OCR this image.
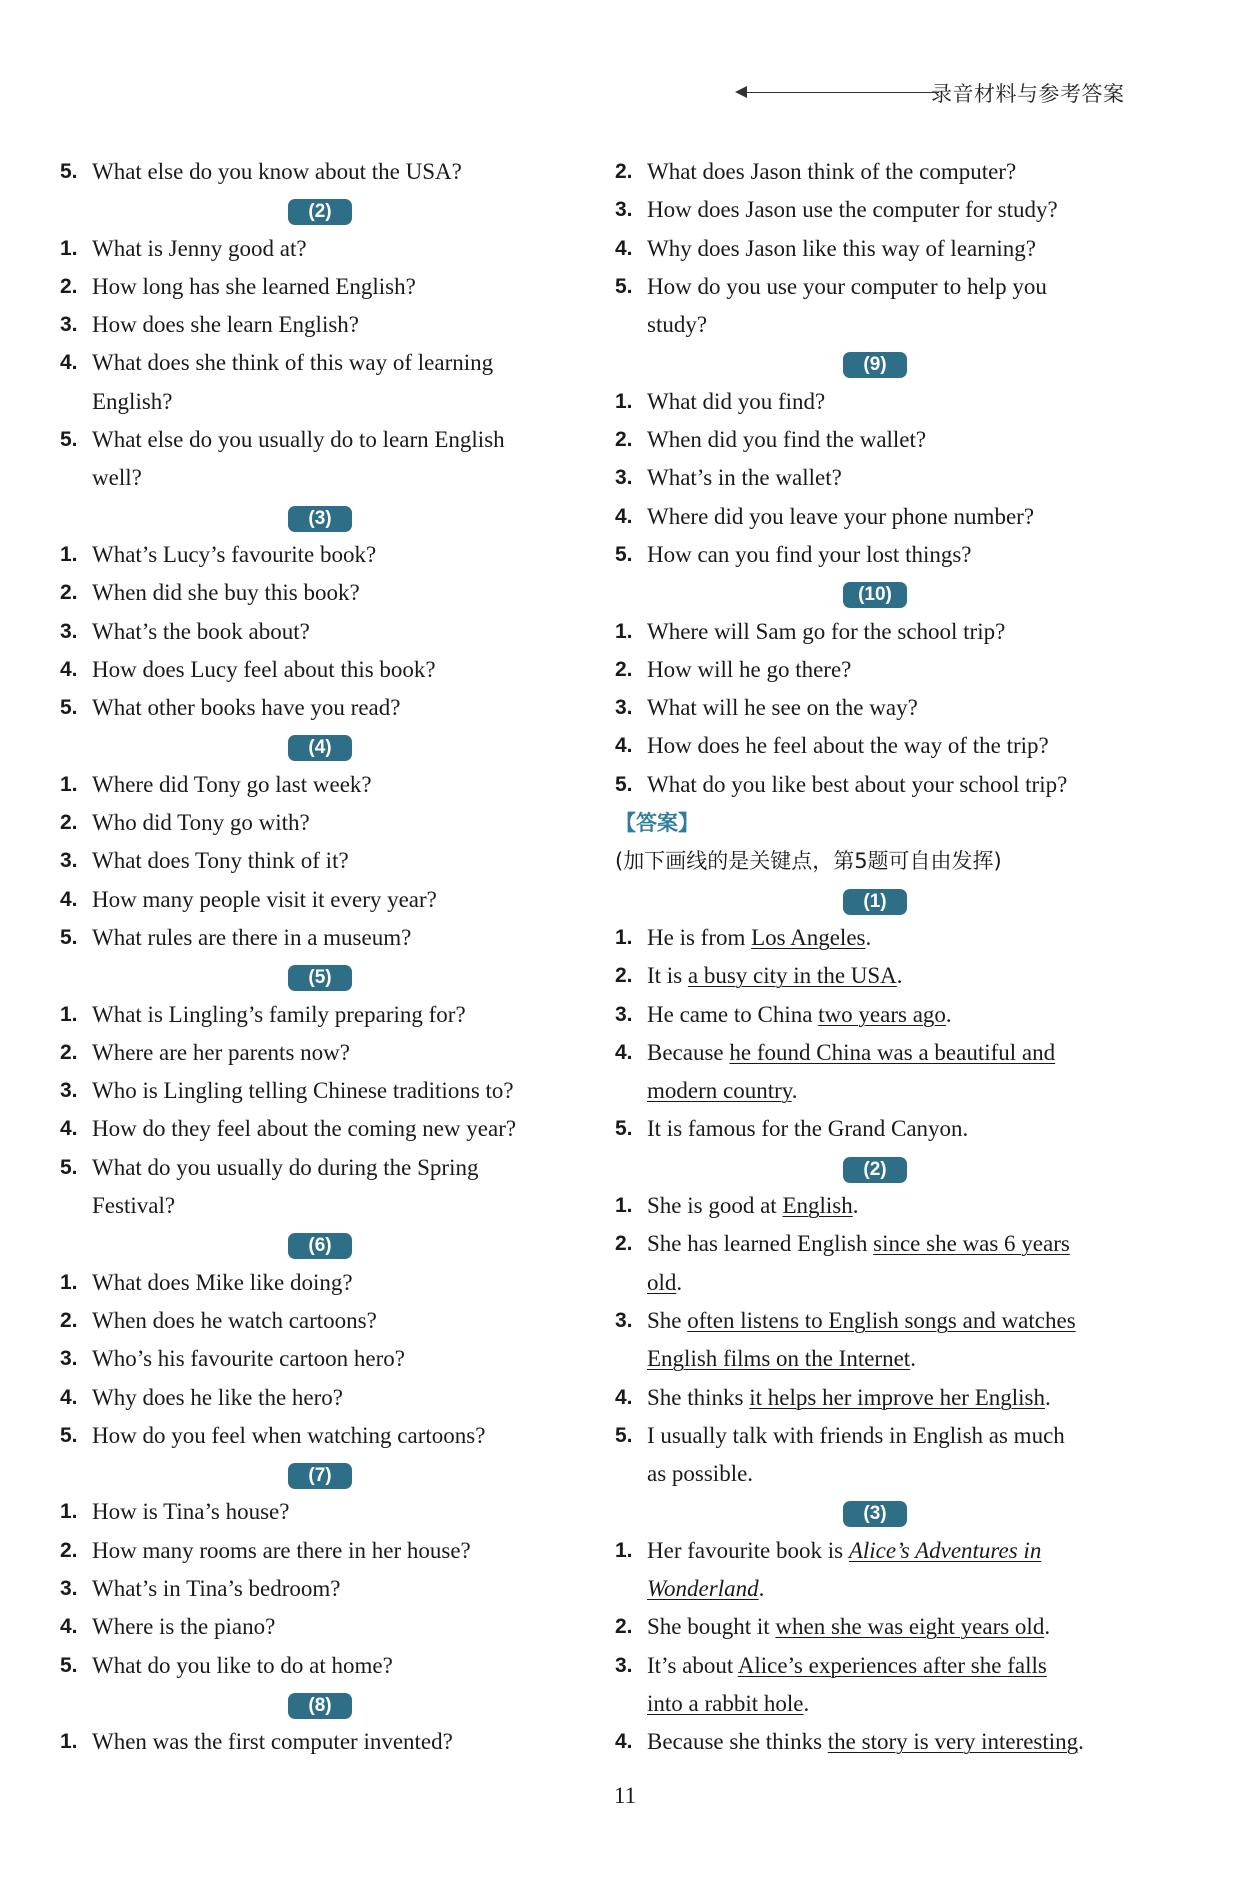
录音材料与参考答案
5. What else do you know about the USA?
(2)
1. What is Jenny good at?
2. How long has she learned English?
3. How does she learn English?
4. What does she think of this way of learning
English?
5. What else do you usually do to learn English
well?
(3)
1. What’s Lucy’s favourite book?
2. When did she buy this book?
3. What’s the book about?
4. How does Lucy feel about this book?
5. What other books have you read?
(4)
1. Where did Tony go last week?
2. Who did Tony go with?
3. What does Tony think of it?
4. How many people visit it every year?
5. What rules are there in a museum?
(5)
1. What is Lingling’s family preparing for?
2. Where are her parents now?
3. Who is Lingling telling Chinese traditions to?
4. How do they feel about the coming new year?
5. What do you usually do during the Spring
Festival?
(6)
1. What does Mike like doing?
2. When does he watch cartoons?
3. Who’s his favourite cartoon hero?
4. Why does he like the hero?
5. How do you feel when watching cartoons?
(7)
1. How is Tina’s house?
2. How many rooms are there in her house?
3. What’s in Tina’s bedroom?
4. Where is the piano?
5. What do you like to do at home?
(8)
1. When was the first computer invented?
2. What does Jason think of the computer?
3. How does Jason use the computer for study?
4. Why does Jason like this way of learning?
5. How do you use your computer to help you
study?
(9)
1. What did you find?
2. When did you find the wallet?
3. What’s in the wallet?
4. Where did you leave your phone number?
5. How can you find your lost things?
(10)
1. Where will Sam go for the school trip?
2. How will he go there?
3. What will he see on the way?
4. How does he feel about the way of the trip?
5. What do you like best about your school trip?
【答案】
(加下画线的是关键点，第5题可自由发挥)
(1)
1. He is from Los Angeles.
2. It is a busy city in the USA.
3. He came to China two years ago.
4. Because he found China was a beautiful and
modern country.
5. It is famous for the Grand Canyon.
(2)
1. She is good at English.
2. She has learned English since she was 6 years
old.
3. She often listens to English songs and watches
English films on the Internet.
4. She thinks it helps her improve her English.
5. I usually talk with friends in English as much
as possible.
(3)
1. Her favourite book is Alice’s Adventures in
Wonderland.
2. She bought it when she was eight years old.
3. It’s about Alice’s experiences after she falls
into a rabbit hole.
4. Because she thinks the story is very interesting.
11
